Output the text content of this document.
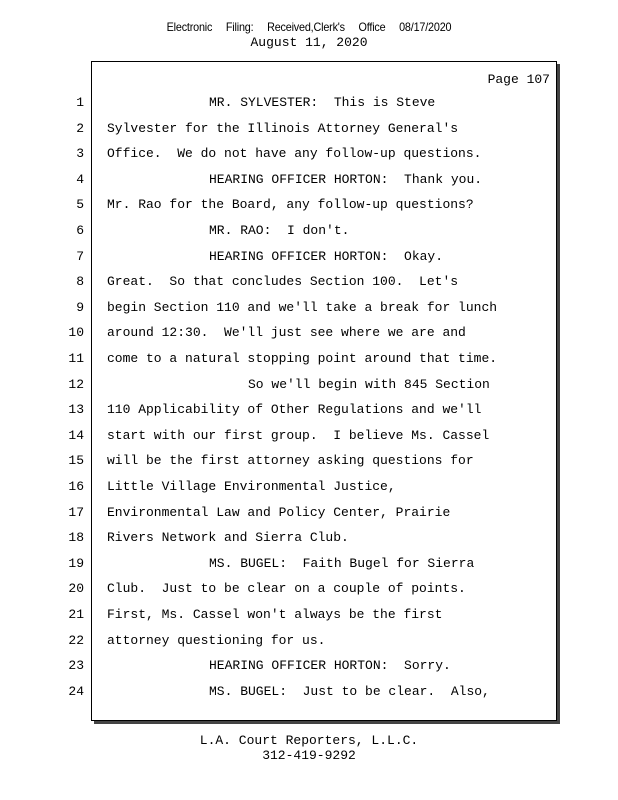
Electronic Filing: Received,Clerk's Office 08/17/2020
August 11, 2020
Page 107
1	MR. SYLVESTER:  This is Steve
2 Sylvester for the Illinois Attorney General's
3 Office.  We do not have any follow-up questions.
4	HEARING OFFICER HORTON:  Thank you.
5 Mr. Rao for the Board, any follow-up questions?
6	MR. RAO:  I don't.
7	HEARING OFFICER HORTON:  Okay.
8 Great.  So that concludes Section 100.  Let's
9 begin Section 110 and we'll take a break for lunch
10 around 12:30.  We'll just see where we are and
11 come to a natural stopping point around that time.
12	So we'll begin with 845 Section
13 110 Applicability of Other Regulations and we'll
14 start with our first group.  I believe Ms. Cassel
15 will be the first attorney asking questions for
16 Little Village Environmental Justice,
17 Environmental Law and Policy Center, Prairie
18 Rivers Network and Sierra Club.
19	MS. BUGEL:  Faith Bugel for Sierra
20 Club.  Just to be clear on a couple of points.
21 First, Ms. Cassel won't always be the first
22 attorney questioning for us.
23	HEARING OFFICER HORTON:  Sorry.
24	MS. BUGEL:  Just to be clear.  Also,
L.A. Court Reporters, L.L.C.
312-419-9292
